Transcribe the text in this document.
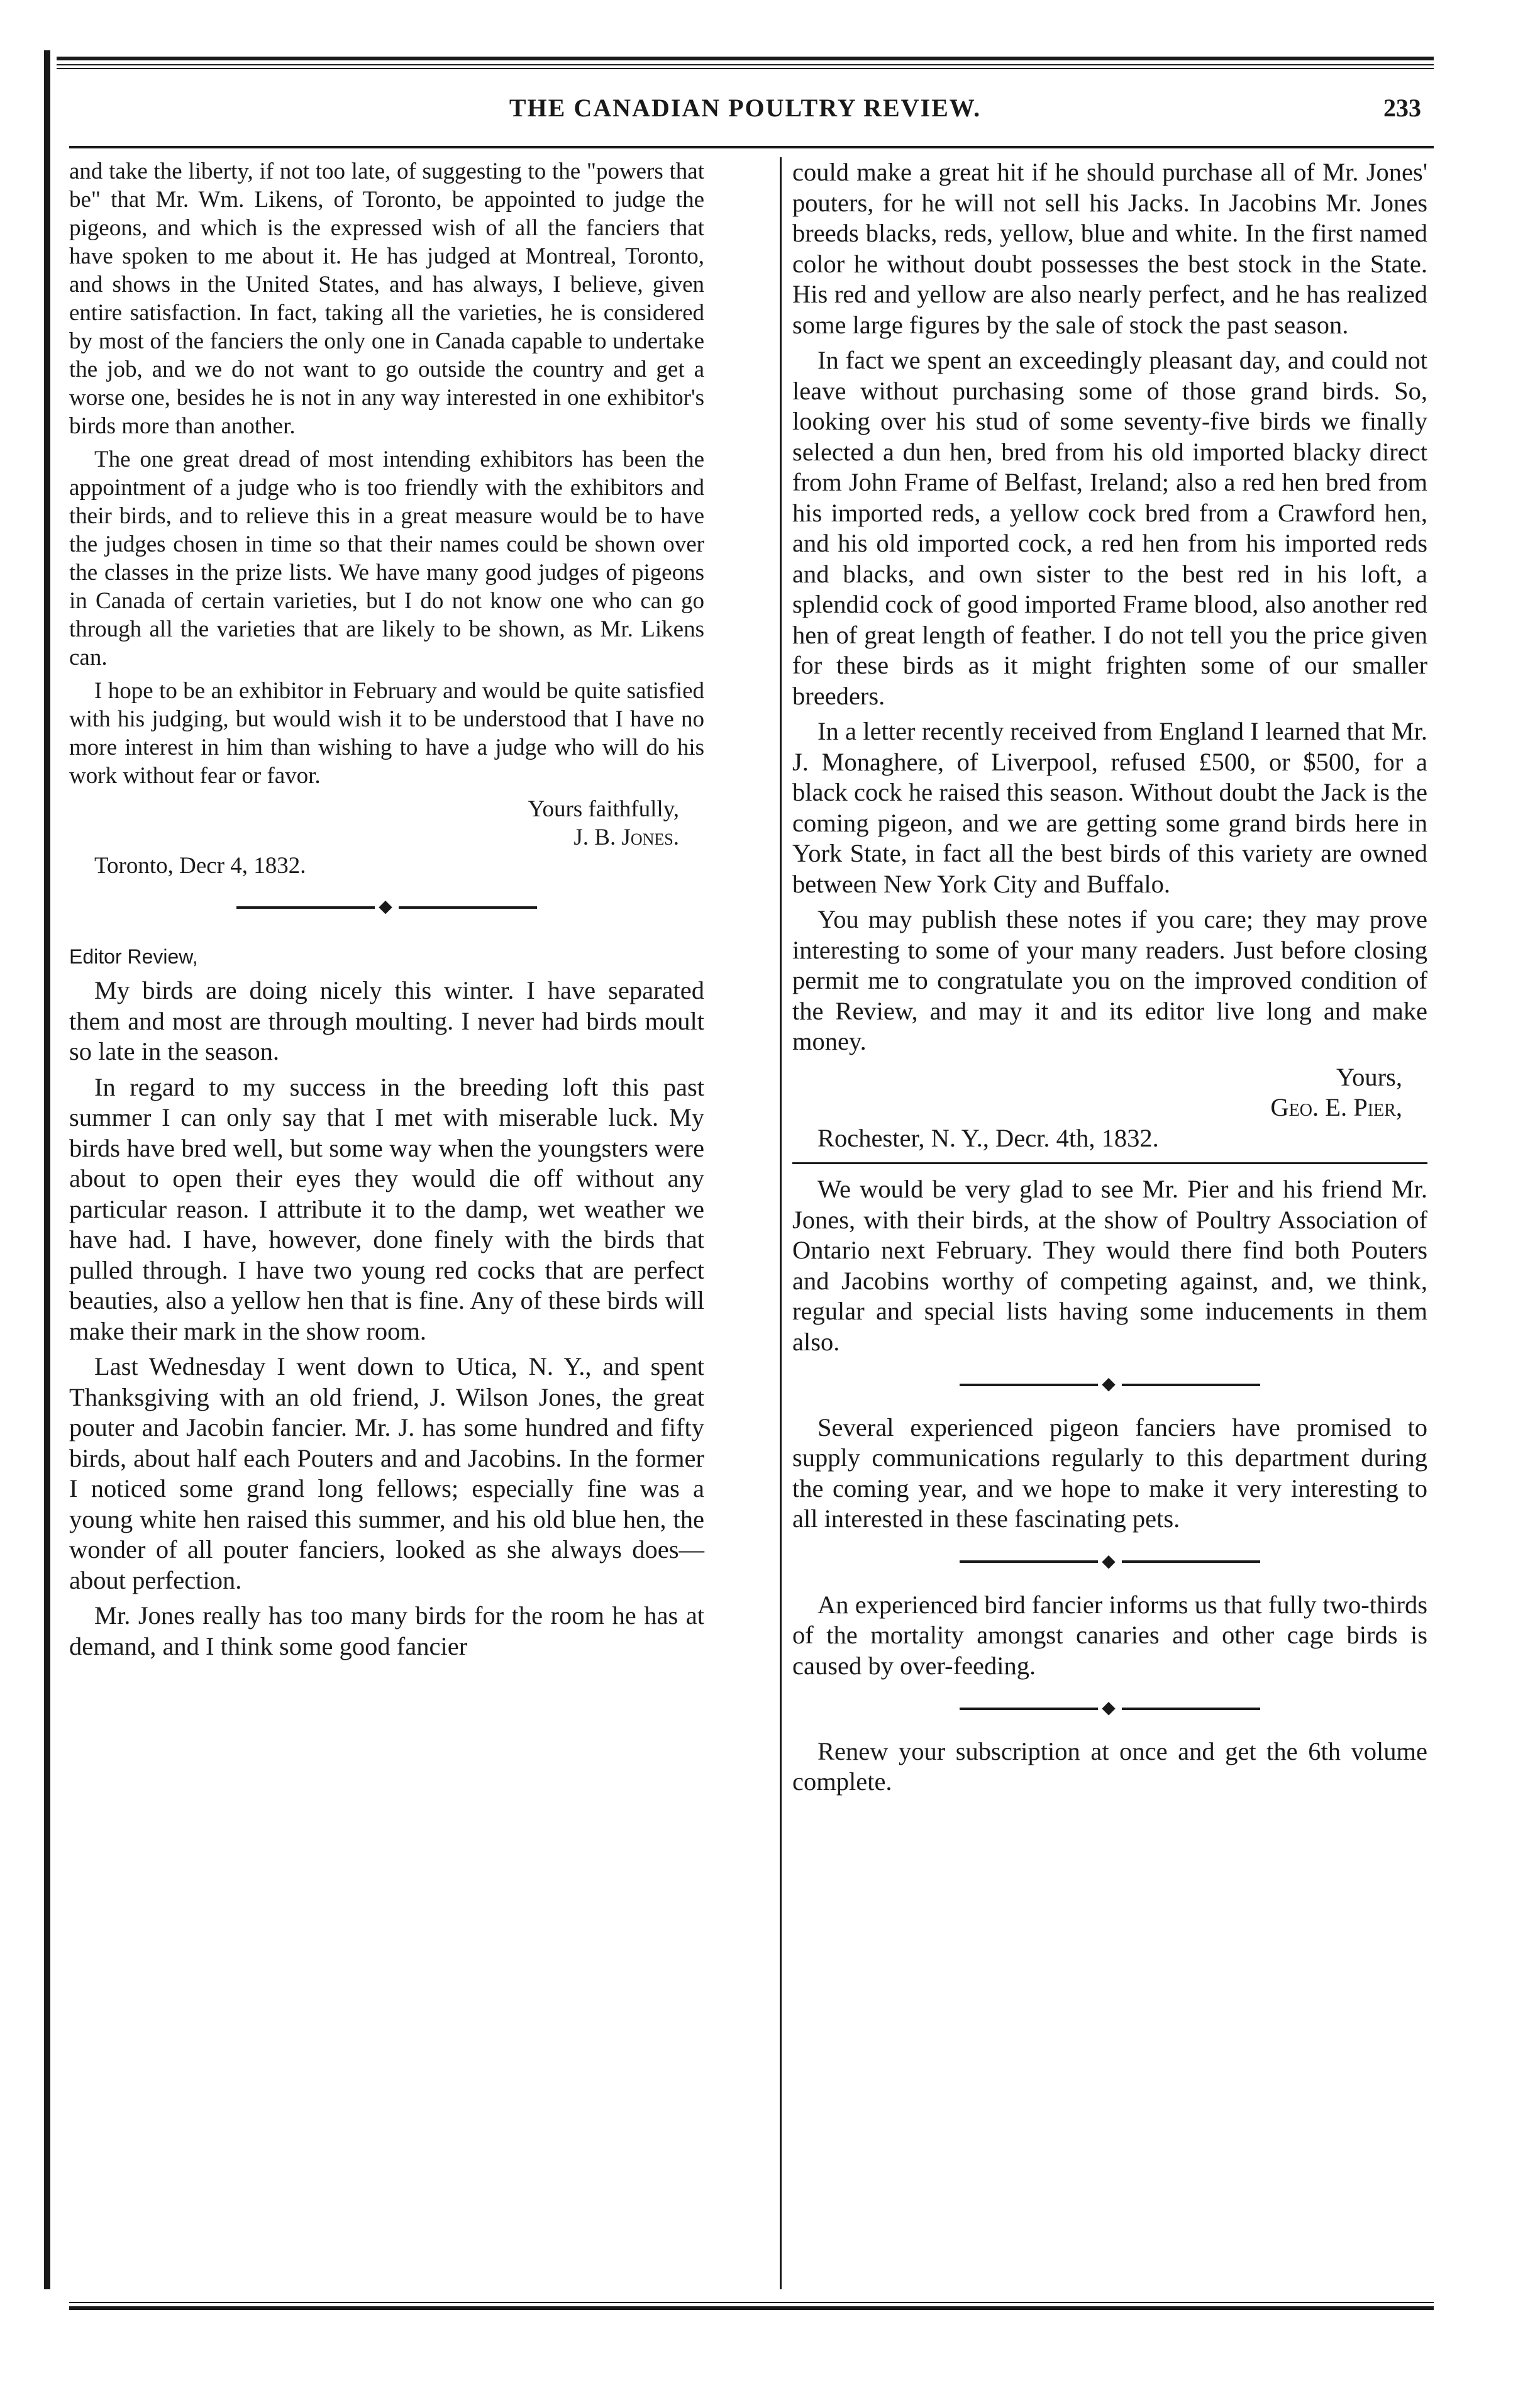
THE CANADIAN POULTRY REVIEW.	233

and take the liberty, if not too late, of suggesting to the "powers that be" that Mr. Wm. Likens, of Toronto, be appointed to judge the pigeons, and which is the expressed wish of all the fanciers that have spoken to me about it. He has judged at Montreal, Toronto, and shows in the United States, and has always, I believe, given entire satisfaction. In fact, taking all the varieties, he is considered by most of the fanciers the only one in Canada capable to undertake the job, and we do not want to go outside the country and get a worse one, besides he is not in any way interested in one exhibitor's birds more than another.

The one great dread of most intending exhibitors has been the appointment of a judge who is too friendly with the exhibitors and their birds, and to relieve this in a great measure would be to have the judges chosen in time so that their names could be shown over the classes in the prize lists. We have many good judges of pigeons in Canada of certain varieties, but I do not know one who can go through all the varieties that are likely to be shown, as Mr. Likens can.

I hope to be an exhibitor in February and would be quite satisfied with his judging, but would wish it to be understood that I have no more interest in him than wishing to have a judge who will do his work without fear or favor.

Yours faithfully,

J. B. Jones.

Toronto, Decr 4, 1832.

◆

Editor Review,

My birds are doing nicely this winter. I have separated them and most are through moulting. I never had birds moult so late in the season.

In regard to my success in the breeding loft this past summer I can only say that I met with miserable luck. My birds have bred well, but some way when the youngsters were about to open their eyes they would die off without any particular reason. I attribute it to the damp, wet weather we have had. I have, however, done finely with the birds that pulled through. I have two young red cocks that are perfect beauties, also a yellow hen that is fine. Any of these birds will make their mark in the show room.

Last Wednesday I went down to Utica, N. Y., and spent Thanksgiving with an old friend, J. Wilson Jones, the great pouter and Jacobin fancier. Mr. J. has some hundred and fifty birds, about half each Pouters and and Jacobins. In the former I noticed some grand long fellows; especially fine was a young white hen raised this summer, and his old blue hen, the wonder of all pouter fanciers, looked as she always does—about perfection.

Mr. Jones really has too many birds for the room he has at demand, and I think some good fancier

could make a great hit if he should purchase all of Mr. Jones' pouters, for he will not sell his Jacks. In Jacobins Mr. Jones breeds blacks, reds, yellow, blue and white. In the first named color he without doubt possesses the best stock in the State. His red and yellow are also nearly perfect, and he has realized some large figures by the sale of stock the past season.

In fact we spent an exceedingly pleasant day, and could not leave without purchasing some of those grand birds. So, looking over his stud of some seventy-five birds we finally selected a dun hen, bred from his old imported blacky direct from John Frame of Belfast, Ireland; also a red hen bred from his imported reds, a yellow cock bred from a Crawford hen, and his old imported cock, a red hen from his imported reds and blacks, and own sister to the best red in his loft, a splendid cock of good imported Frame blood, also another red hen of great length of feather. I do not tell you the price given for these birds as it might frighten some of our smaller breeders.

In a letter recently received from England I learned that Mr. J. Monaghere, of Liverpool, refused £500, or $500, for a black cock he raised this season. Without doubt the Jack is the coming pigeon, and we are getting some grand birds here in York State, in fact all the best birds of this variety are owned between New York City and Buffalo.

You may publish these notes if you care; they may prove interesting to some of your many readers. Just before closing permit me to congratulate you on the improved condition of the Review, and may it and its editor live long and make money.

Yours,

Geo. E. Pier,

Rochester, N. Y., Decr. 4th, 1832.

We would be very glad to see Mr. Pier and his friend Mr. Jones, with their birds, at the show of Poultry Association of Ontario next February. They would there find both Pouters and Jacobins worthy of competing against, and, we think, regular and special lists having some inducements in them also.

◆

Several experienced pigeon fanciers have promised to supply communications regularly to this department during the coming year, and we hope to make it very interesting to all interested in these fascinating pets.

◆

An experienced bird fancier informs us that fully two-thirds of the mortality amongst canaries and other cage birds is caused by over-feeding.

◆

Renew your subscription at once and get the 6th volume complete.
